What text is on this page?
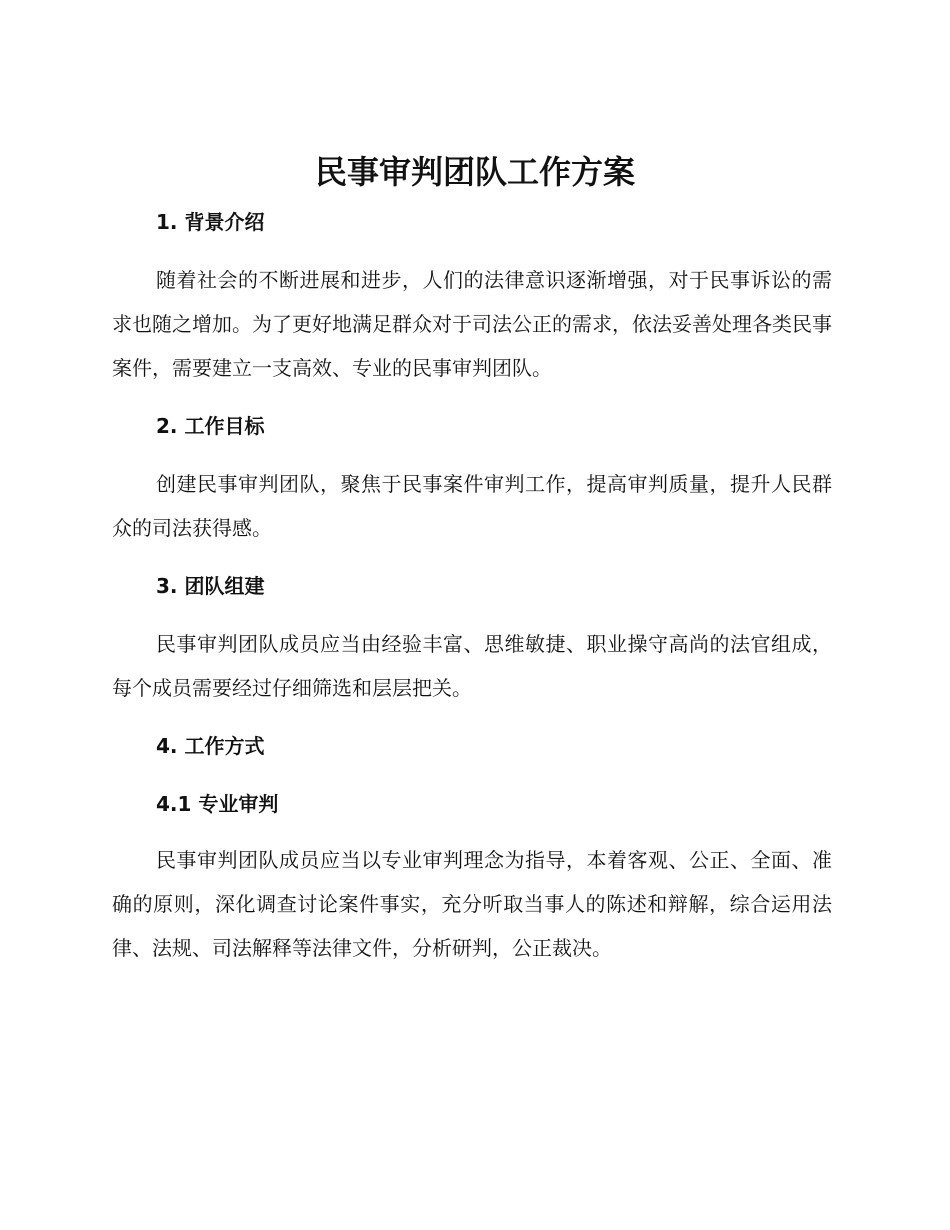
民事审判团队工作方案
1. 背景介绍

随着社会的不断进展和进步，人们的法律意识逐渐增强，对于民事诉讼的需求也随之增加。为了更好地满足群众对于司法公正的需求，依法妥善处理各类民事案件，需要建立一支高效、专业的民事审判团队。

2. 工作目标

创建民事审判团队，聚焦于民事案件审判工作，提高审判质量，提升人民群众的司法获得感。

3. 团队组建

民事审判团队成员应当由经验丰富、思维敏捷、职业操守高尚的法官组成，每个成员需要经过仔细筛选和层层把关。

4. 工作方式
4.1 专业审判

民事审判团队成员应当以专业审判理念为指导，本着客观、公正、全面、准确的原则，深化调查讨论案件事实，充分听取当事人的陈述和辩解，综合运用法律、法规、司法解释等法律文件，分析研判，公正裁决。
